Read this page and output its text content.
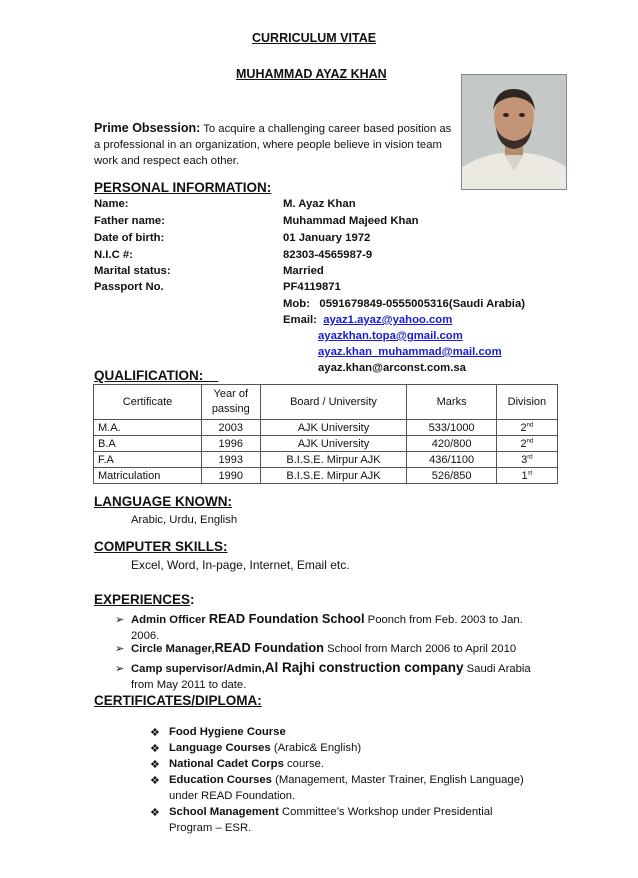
CURRICULUM VITAE
MUHAMMAD AYAZ KHAN
Prime Obsession: To acquire a challenging career based position as
a professional in an organization, where people believe in vision team
work and respect each other.
PERSONAL INFORMATION:
Name:	M. Ayaz Khan
Father name:	Muhammad Majeed Khan
Date of birth:	01 January 1972
N.I.C #:	82303-4565987-9
Marital status:	Married
Passport No.	PF4119871
Mob: 0591679849-0555005316(Saudi Arabia)
Email: ayaz1.ayaz@yahoo.com
ayazkhan.topa@gmail.com
ayaz.khan_muhammad@mail.com
ayaz.khan@arconst.com.sa
QUALIFICATION:
Certificate	Year of passing	Board / University	Marks	Division
M.A.	2003	AJK University	533/1000	2nd
B.A	1996	AJK University	420/800	2nd
F.A	1993	B.I.S.E. Mirpur AJK	436/1100	3rd
Matriculation	1990	B.I.S.E. Mirpur AJK	526/850	1st
LANGUAGE KNOWN:
Arabic, Urdu, English
COMPUTER SKILLS:
Excel, Word, In-page, Internet, Email etc.
EXPERIENCES:
➢ Admin Officer READ Foundation School Poonch from Feb. 2003 to Jan.
2006.
➢ Circle Manager,READ Foundation School from March 2006 to April 2010
➢ Camp supervisor/Admin,Al Rajhi construction company Saudi Arabia
from May 2011 to date.
CERTIFICATES/DIPLOMA:
❖ Food Hygiene Course
❖ Language Courses (Arabic& English)
❖ National Cadet Corps course.
❖ Education Courses (Management, Master Trainer, English Language)
under READ Foundation.
❖ School Management Committee’s Workshop under Presidential
Program – ESR.
